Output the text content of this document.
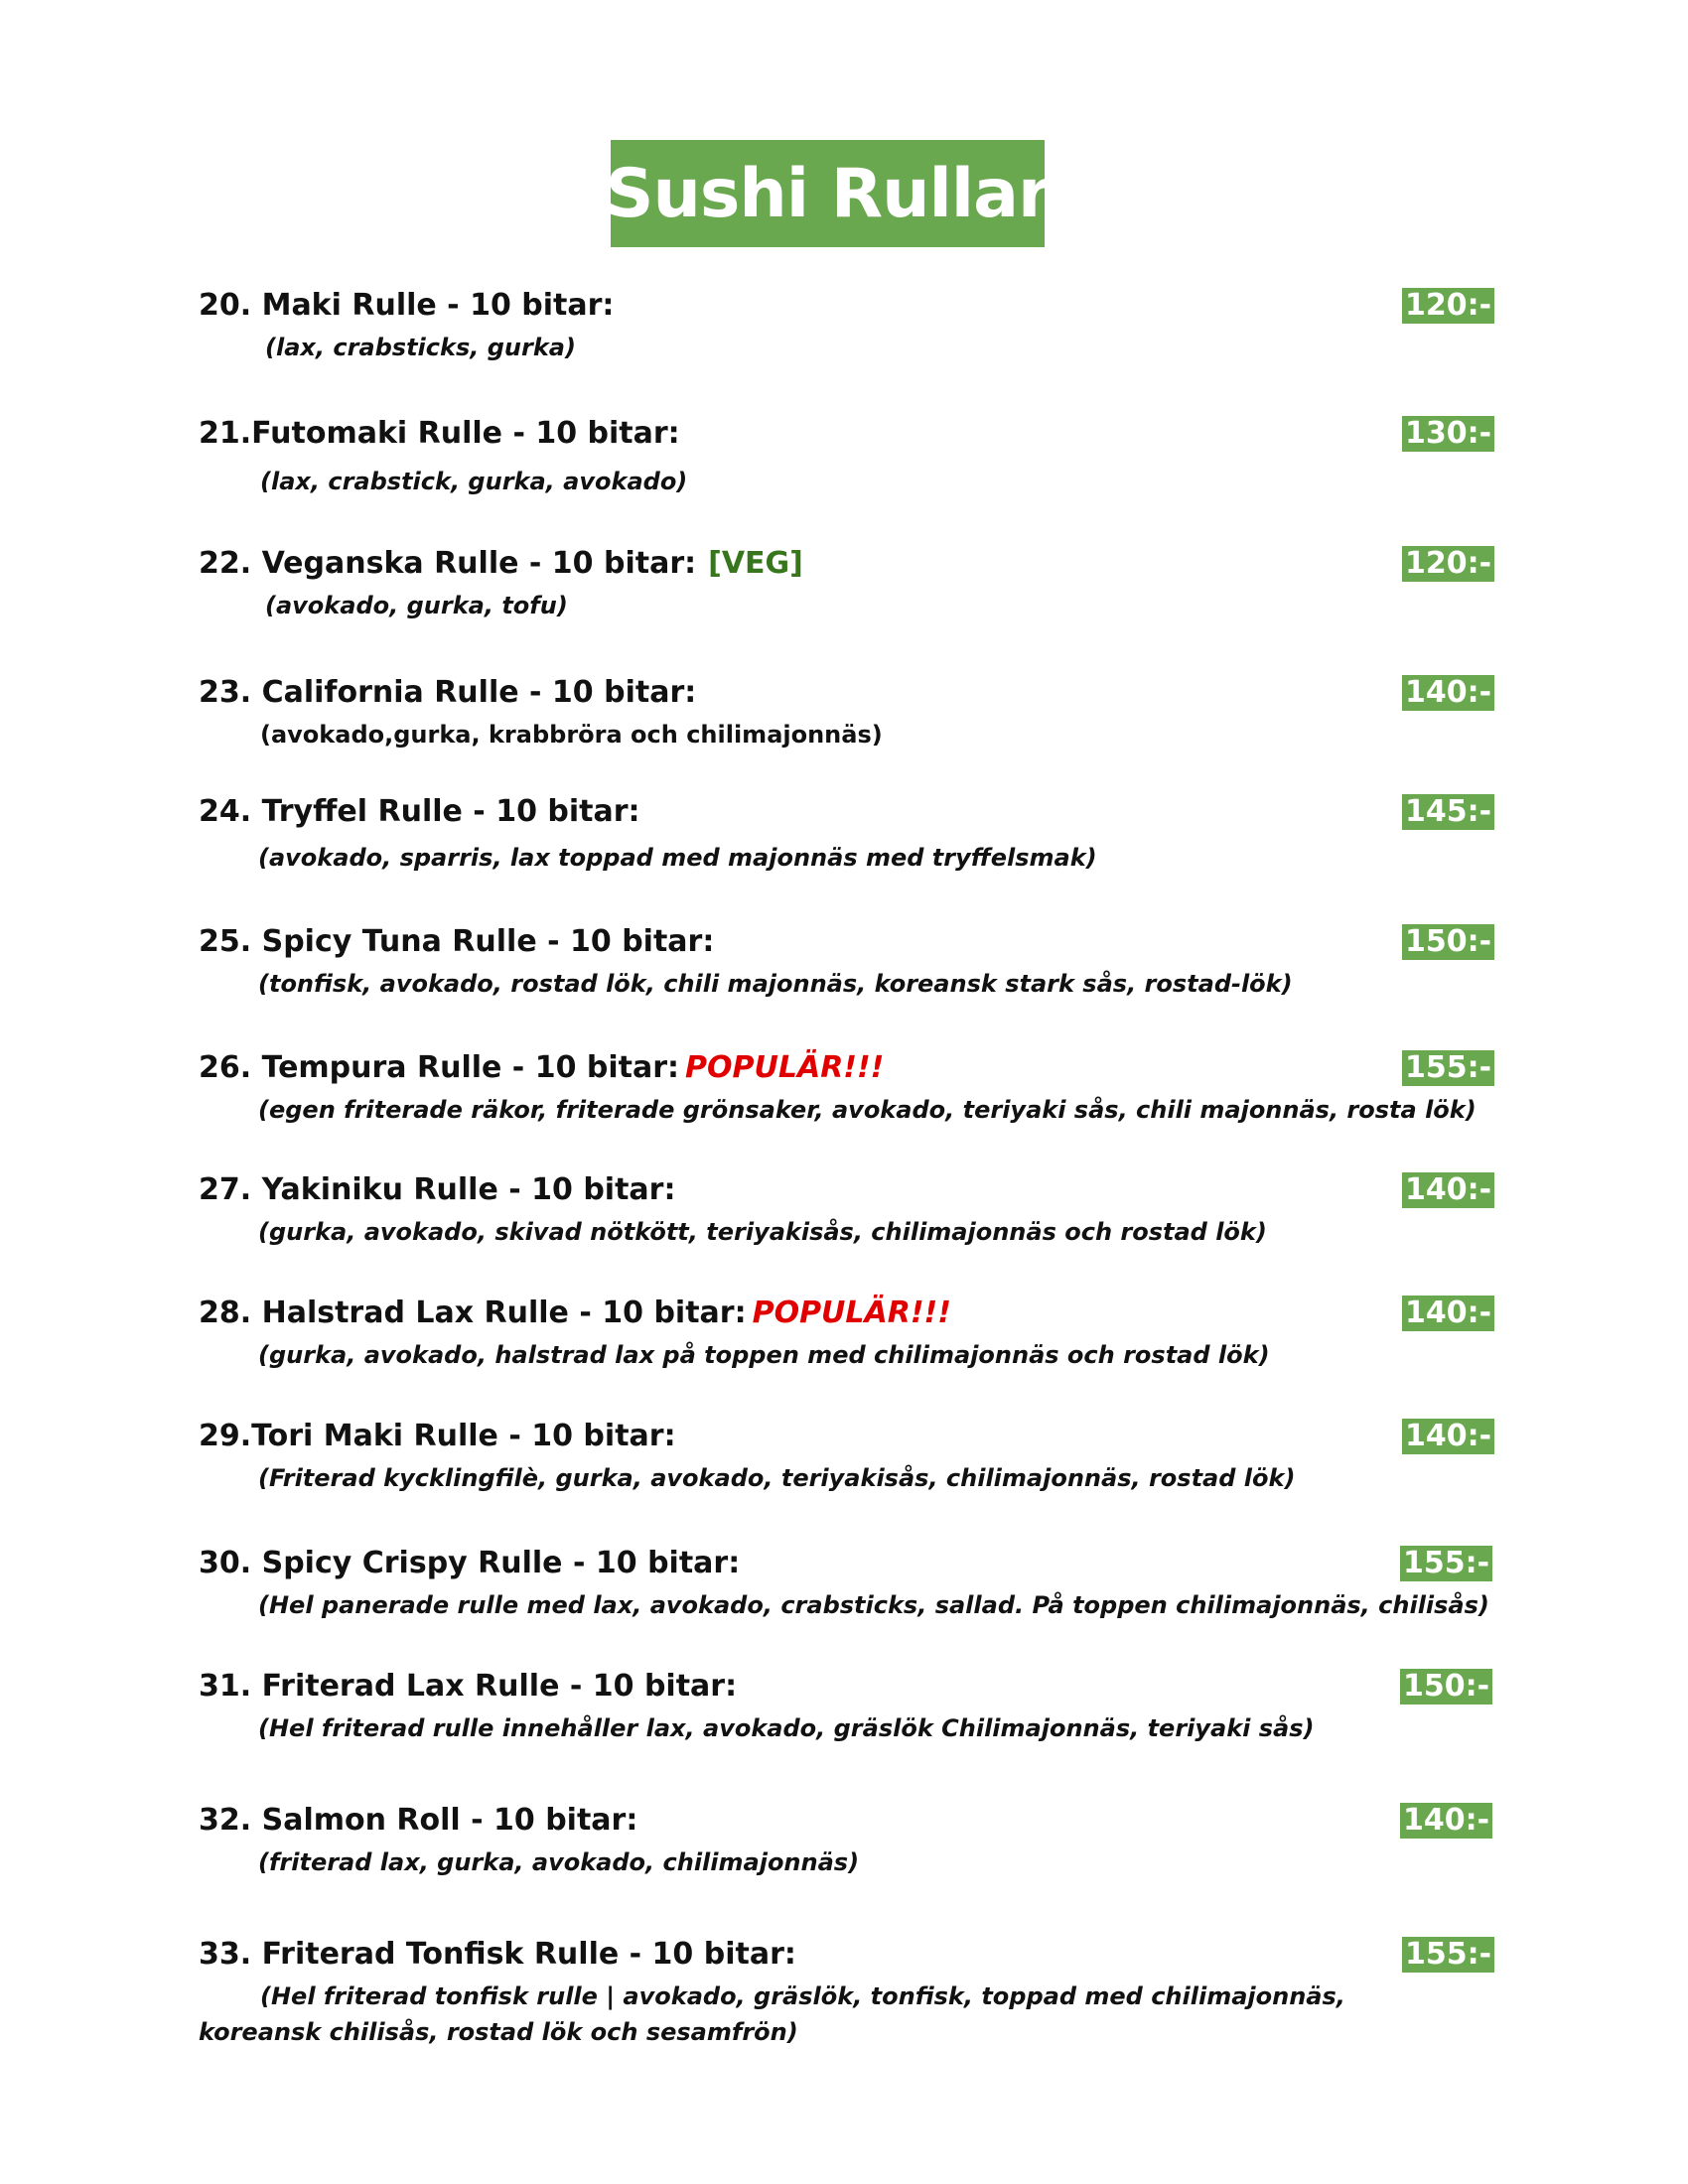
Sushi Rullar
20. Maki Rulle - 10 bitar:	120:-
(lax, crabsticks, gurka)
21.Futomaki Rulle - 10 bitar:	130:-
(lax, crabstick, gurka, avokado)
22. Veganska Rulle - 10 bitar: [VEG]	120:-
(avokado, gurka, tofu)
23. California Rulle - 10 bitar:	140:-
(avokado,gurka, krabbröra och chilimajonnäs)
24. Tryffel Rulle - 10 bitar:	145:-
(avokado, sparris, lax toppad med majonnäs med tryffelsmak)
25. Spicy Tuna Rulle - 10 bitar:	150:-
(tonfisk, avokado, rostad lök, chili majonnäs, koreansk stark sås, rostad-lök)
26. Tempura Rulle - 10 bitar: POPULÄR!!!	155:-
(egen friterade räkor, friterade grönsaker, avokado, teriyaki sås, chili majonnäs, rosta lök)
27. Yakiniku Rulle - 10 bitar:	140:-
(gurka, avokado, skivad nötkött, teriyakisås, chilimajonnäs och rostad lök)
28. Halstrad Lax Rulle - 10 bitar: POPULÄR!!!	140:-
(gurka, avokado, halstrad lax på toppen med chilimajonnäs och rostad lök)
29.Tori Maki Rulle - 10 bitar:	140:-
(Friterad kycklingfilè, gurka, avokado, teriyakisås, chilimajonnäs, rostad lök)
30. Spicy Crispy Rulle - 10 bitar:	155:-
(Hel panerade rulle med lax, avokado, crabsticks, sallad. På toppen chilimajonnäs, chilisås)
31. Friterad Lax Rulle - 10 bitar:	150:-
(Hel friterad rulle innehåller lax, avokado, gräslök Chilimajonnäs, teriyaki sås)
32. Salmon Roll - 10 bitar:	140:-
(friterad lax, gurka, avokado, chilimajonnäs)
33. Friterad Tonfisk Rulle - 10 bitar:	155:-
(Hel friterad tonfisk rulle | avokado, gräslök, tonfisk, toppad med chilimajonnäs, koreansk chilisås, rostad lök och sesamfrön)
